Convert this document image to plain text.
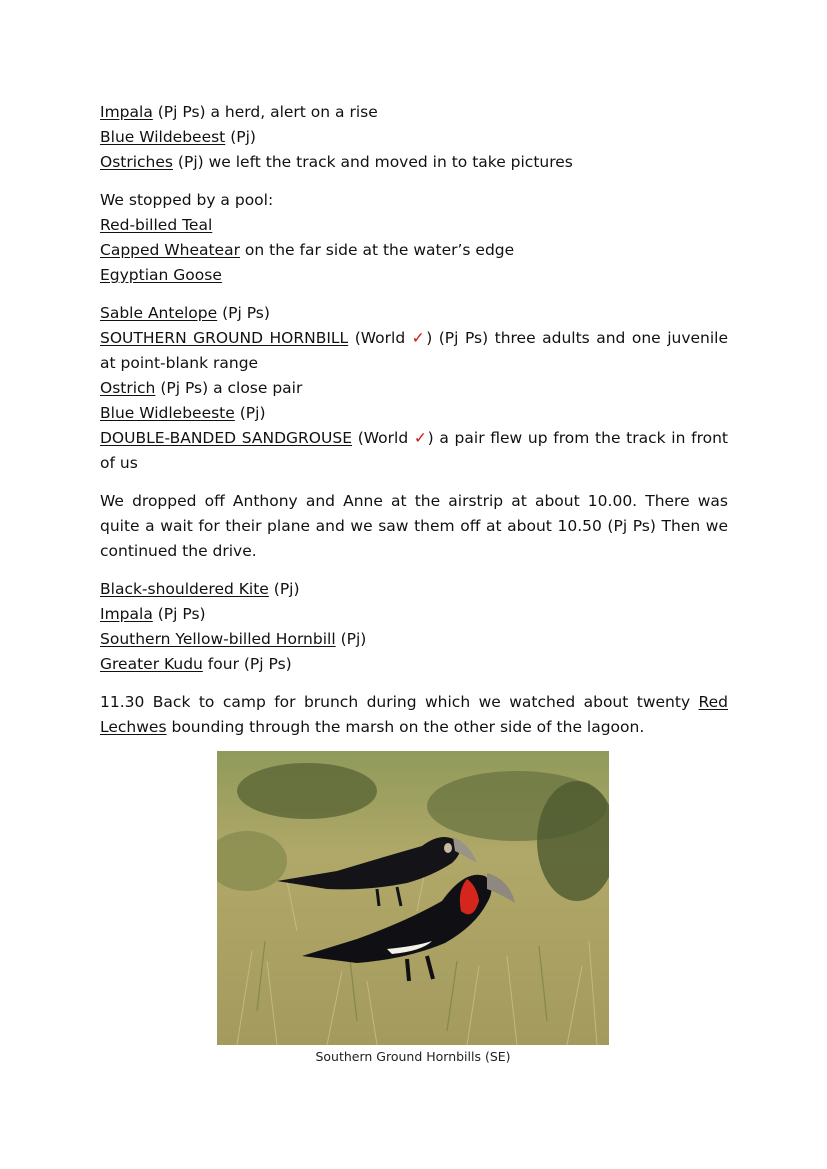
Impala (Pj Ps) a herd, alert on a rise
Blue Wildebeest (Pj)
Ostriches (Pj) we left the track and moved in to take pictures
We stopped by a pool:
Red-billed Teal
Capped Wheatear on the far side at the water’s edge
Egyptian Goose
Sable Antelope (Pj Ps)
SOUTHERN GROUND HORNBILL (World ✓) (Pj Ps) three adults and one juvenile at point-blank range
Ostrich (Pj Ps) a close pair
Blue Widlebeeste (Pj)
DOUBLE-BANDED SANDGROUSE (World ✓) a pair flew up from the track in front of us
We dropped off Anthony and Anne at the airstrip at about 10.00. There was quite a wait for their plane and we saw them off at about 10.50 (Pj Ps) Then we continued the drive.
Black-shouldered Kite (Pj)
Impala (Pj Ps)
Southern Yellow-billed Hornbill (Pj)
Greater Kudu four (Pj Ps)
11.30 Back to camp for brunch during which we watched about twenty Red Lechwes bounding through the marsh on the other side of the lagoon.
Southern Ground Hornbills (SE)
